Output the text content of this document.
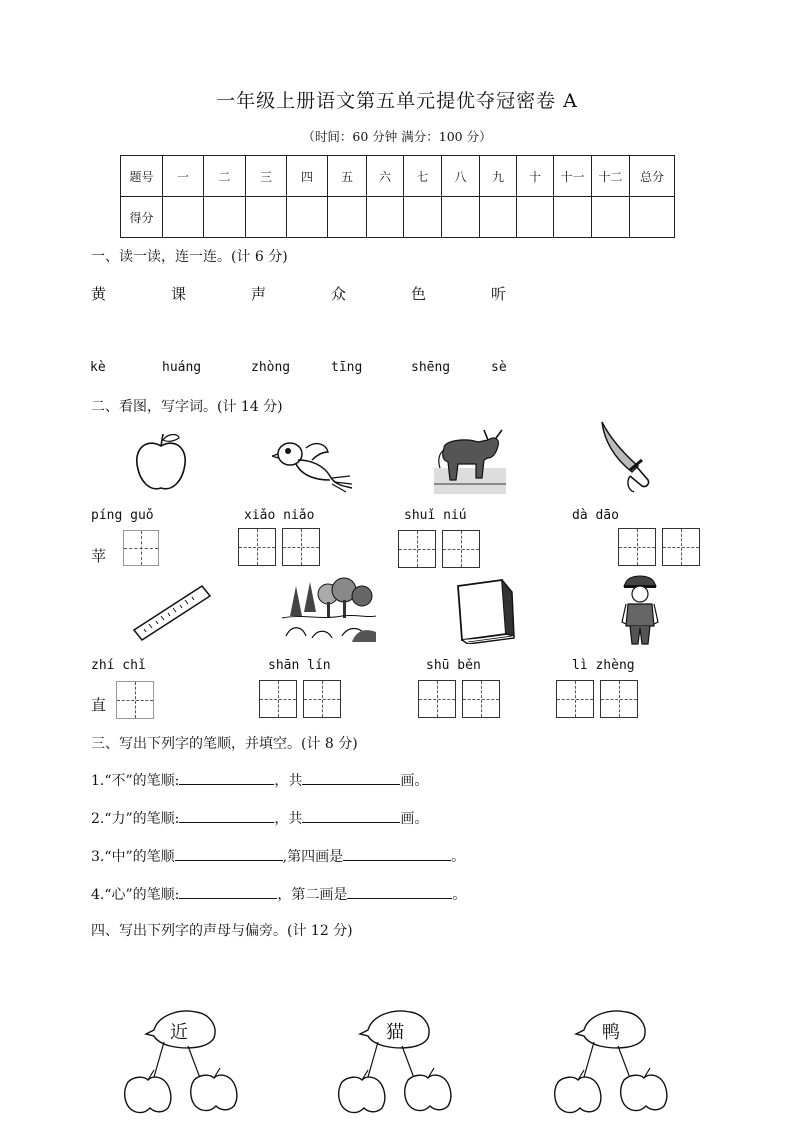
一年级上册语文第五单元提优夺冠密卷 A
（时间：60 分钟 满分：100 分）
题号	一	二	三	四	五	六	七	八	九	十	十一	十二	总分
得分													
一、读一读，连一连。(计 6 分)
黄	课	声	众	色	听
kè	huáng	zhòng	tīng	shēng	sè
二、看图，写字词。(计 14 分)
píng guǒ	xiǎo niǎo	shuǐ niú	dà dāo
苹
zhí chǐ	shān lín	shū běn	lì zhèng
直
三、写出下列字的笔顺，并填空。(计 8 分)
1.“不”的笔顺:	，共	画。
2.“力”的笔顺:	，共	画。
3.“中”的笔顺	,第四画是	。
4.“心”的笔顺:	，第二画是	。
四、写出下列字的声母与偏旁。(计 12 分)
近	猫	鸭
